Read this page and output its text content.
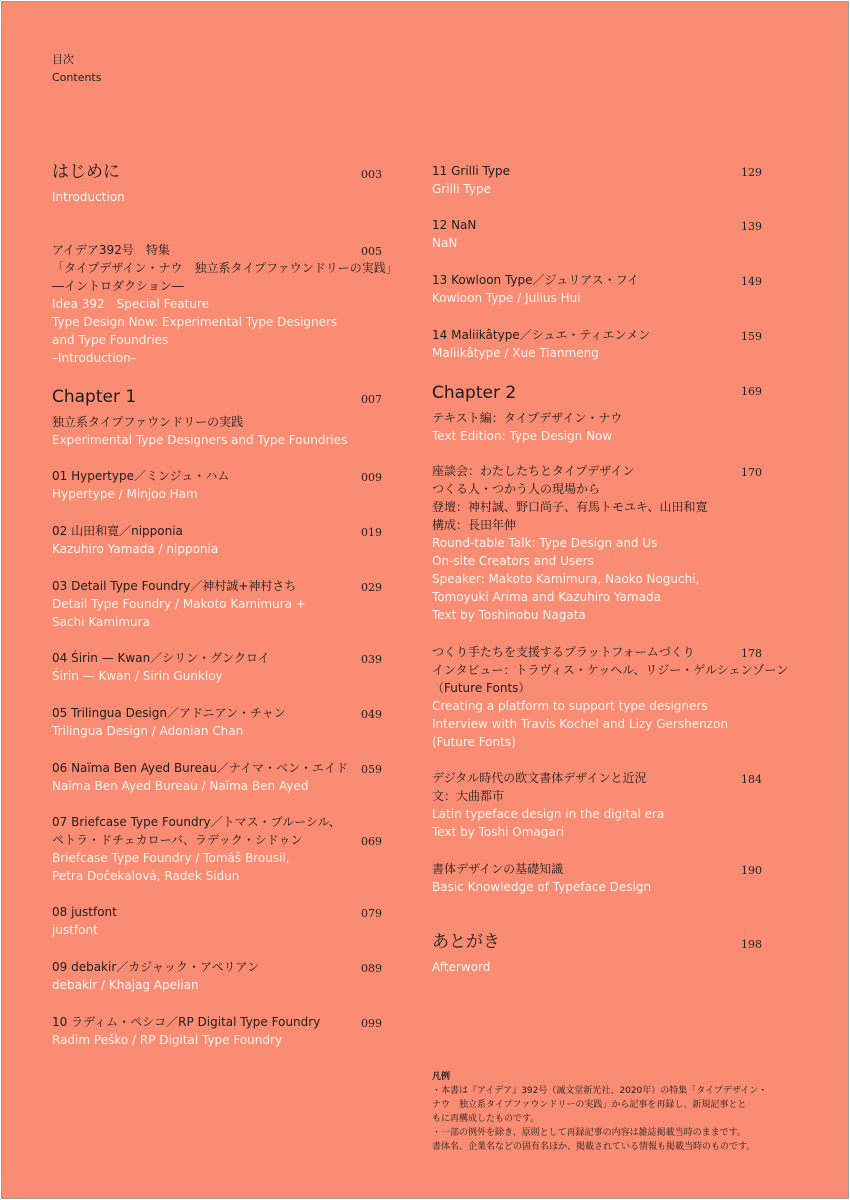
目次
Contents
はじめに
Introduction
003
アイデア392号　特集
「タイプデザイン・ナウ　独立系タイプファウンドリーの実践」
―イントロダクション―
Idea 392　Special Feature
Type Design Now: Experimental Type Designers
and Type Foundries
–Introduction–
005
Chapter 1
独立系タイプファウンドリーの実践
Experimental Type Designers and Type Foundries
007
01 Hypertype／ミンジュ・ハム
Hypertype / Minjoo Ham
009
02 山田和寛／nipponia
Kazuhiro Yamada / nipponia
019
03 Detail Type Foundry／神村誠+神村さち
Detail Type Foundry / Makoto Kamimura +
Sachi Kamimura
029
04 Śirin — Kwan／シリン・グンクロイ
Śirin — Kwan / Sirin Gunkloy
039
05 Trilingua Design／アドニアン・チャン
Trilingua Design / Adonian Chan
049
06 Naïma Ben Ayed Bureau／ナイマ・ベン・エイド
Naïma Ben Ayed Bureau / Naïma Ben Ayed
059
07 Briefcase Type Foundry／トマス・ブルーシル、
ペトラ・ドチェカローバ、ラデック・シドゥン
Briefcase Type Foundry / Tomáš Brousil,
Petra Dočekalová, Radek Sidun
069
08 justfont
justfont
079
09 debakir／カジャック・アペリアン
debakir / Khajag Apelian
089
10 ラディム・ペシコ／RP Digital Type Foundry
Radim Peško / RP Digital Type Foundry
099
11 Grilli Type
Grilli Type
129
12 NaN
NaN
139
13 Kowloon Type／ジュリアス・フイ
Kowloon Type / Julius Hui
149
14 Maliikâtype／シュエ・ティエンメン
Maliikâtype / Xue Tianmeng
159
Chapter 2
テキスト編：タイプデザイン・ナウ
Text Edition: Type Design Now
169
座談会：わたしたちとタイプデザイン
つくる人・つかう人の現場から
登壇：神村誠、野口尚子、有馬トモユキ、山田和寛
構成：長田年伸
Round-table Talk: Type Design and Us
On-site Creators and Users
Speaker: Makoto Kamimura, Naoko Noguchi,
Tomoyuki Arima and Kazuhiro Yamada
Text by Toshinobu Nagata
170
つくり手たちを支援するプラットフォームづくり
インタビュー：トラヴィス・ケッヘル、リジー・ゲルシェンゾーン
（Future Fonts）
Creating a platform to support type designers
Interview with Travis Kochel and Lizy Gershenzon
(Future Fonts)
178
デジタル時代の欧文書体デザインと近況
文：大曲都市
Latin typeface design in the digital era
Text by Toshi Omagari
184
書体デザインの基礎知識
Basic Knowledge of Typeface Design
190
あとがき
Afterword
198

凡例

・本書は『アイデア』392号（誠文堂新光社、2020年）の特集「タイプデザイン・

ナウ　独立系タイプファウンドリーの実践」から記事を再録し、新規記事とと

もに再構成したものです。

・一部の例外を除き、原則として再録記事の内容は雑誌掲載当時のままです。

書体名、企業名などの固有名ほか、掲載されている情報も掲載当時のものです。
